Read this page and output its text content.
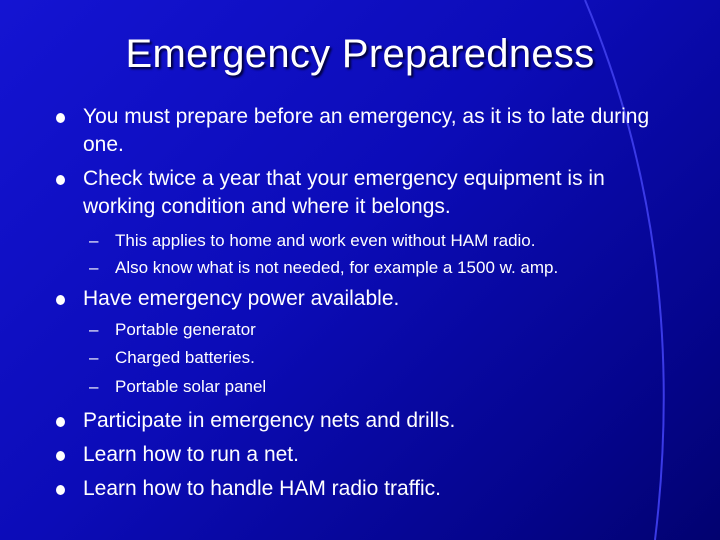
Emergency Preparedness
You must prepare before an emergency, as it is to late during one.
Check twice a year that your emergency equipment is in working condition and where it belongs.
– This applies to home and work even without HAM radio.
– Also know what is not needed, for example a 1500 w. amp.
Have emergency power available.
– Portable generator
– Charged batteries.
– Portable solar panel
Participate in emergency nets and drills.
Learn how to run a net.
Learn how to handle HAM radio traffic.
